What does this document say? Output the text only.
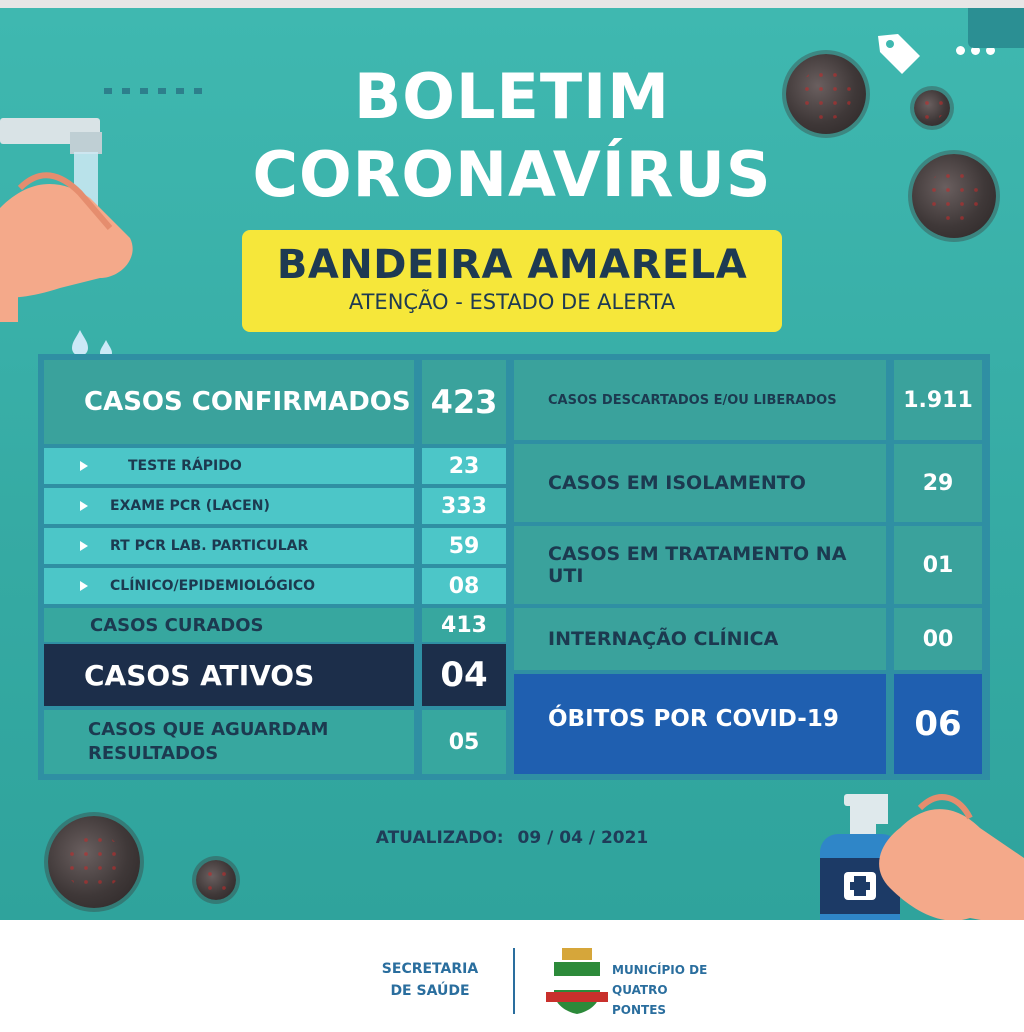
BOLETIM
CORONAVÍRUS
BANDEIRA AMARELA
ATENÇÃO - ESTADO DE ALERTA
CASOS CONFIRMADOS 423
TESTE RÁPIDO	23
EXAME PCR (LACEN)	333
RT PCR LAB. PARTICULAR	59
CLÍNICO/EPIDEMIOLÓGICO	08
CASOS CURADOS	413
CASOS ATIVOS	04
CASOS QUE AGUARDAM
RESULTADOS	05
CASOS DESCARTADOS E/OU LIBERADOS	1.911
CASOS EM ISOLAMENTO	29
CASOS EM TRATAMENTO NA UTI	01
INTERNAÇÃO CLÍNICA	00
ÓBITOS POR COVID-19	06
ATUALIZADO: 09 / 04 / 2021
SECRETARIA
DE SAÚDE
MUNICÍPIO DE
QUATRO PONTES
